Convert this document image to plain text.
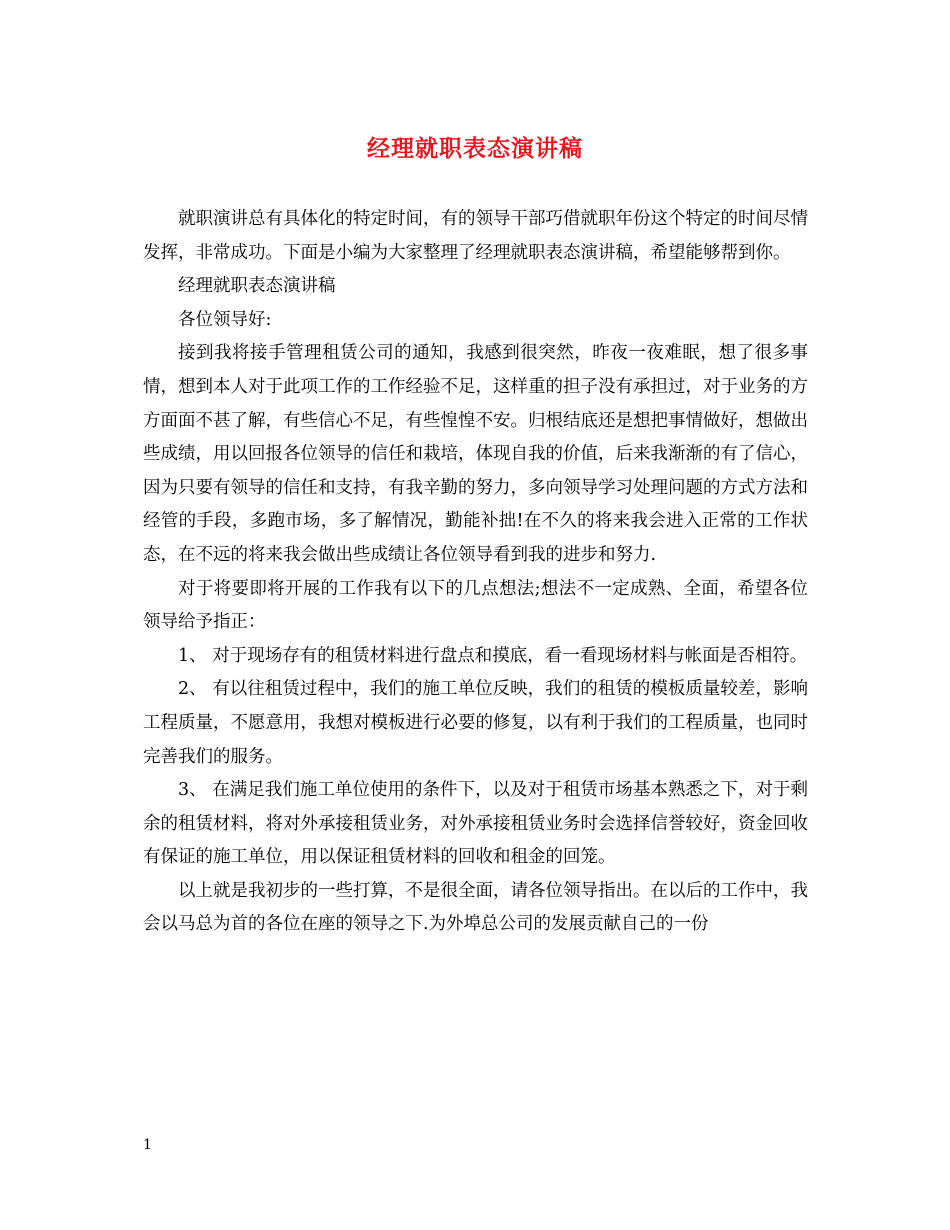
经理就职表态演讲稿

就职演讲总有具体化的特定时间，有的领导干部巧借就职年份这个特定的时间尽情发挥，非常成功。下面是小编为大家整理了经理就职表态演讲稿，希望能够帮到你。

经理就职表态演讲稿

各位领导好:

接到我将接手管理租赁公司的通知，我感到很突然，昨夜一夜难眠，想了很多事情，想到本人对于此项工作的工作经验不足，这样重的担子没有承担过，对于业务的方方面面不甚了解，有些信心不足，有些惶惶不安。归根结底还是想把事情做好，想做出些成绩，用以回报各位领导的信任和栽培，体现自我的价值，后来我渐渐的有了信心，因为只要有领导的信任和支持，有我辛勤的努力，多向领导学习处理问题的方式方法和经管的手段，多跑市场，多了解情况，勤能补拙!在不久的将来我会进入正常的工作状态，在不远的将来我会做出些成绩让各位领导看到我的进步和努力.

对于将要即将开展的工作我有以下的几点想法;想法不一定成熟、全面，希望各位领导给予指正：

1、 对于现场存有的租赁材料进行盘点和摸底，看一看现场材料与帐面是否相符。

2、 有以往租赁过程中，我们的施工单位反映，我们的租赁的模板质量较差，影响工程质量，不愿意用，我想对模板进行必要的修复，以有利于我们的工程质量，也同时完善我们的服务。

3、 在满足我们施工单位使用的条件下，以及对于租赁市场基本熟悉之下，对于剩余的租赁材料，将对外承接租赁业务，对外承接租赁业务时会选择信誉较好，资金回收有保证的施工单位，用以保证租赁材料的回收和租金的回笼。

以上就是我初步的一些打算，不是很全面，请各位领导指出。在以后的工作中，我会以马总为首的各位在座的领导之下.为外埠总公司的发展贡献自己的一份

1
